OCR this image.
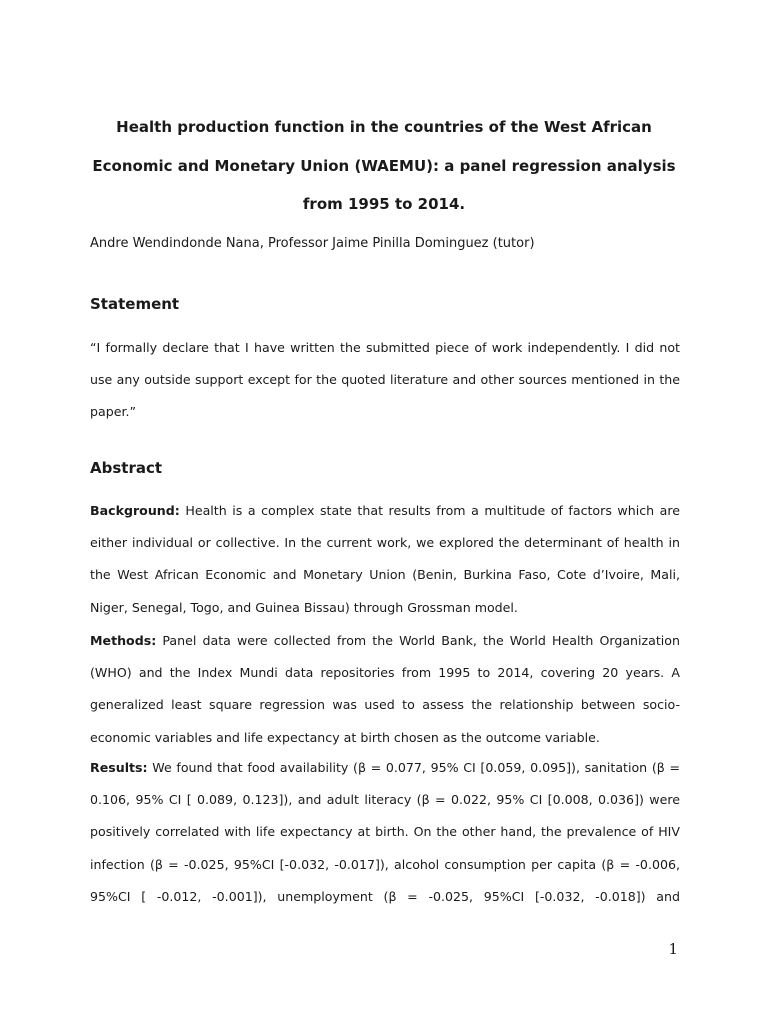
Health production function in the countries of the West African
Economic and Monetary Union (WAEMU): a panel regression analysis
from 1995 to 2014.
Andre Wendindonde Nana, Professor Jaime Pinilla Dominguez (tutor)
Statement
“I formally declare that I have written the submitted piece of work independently. I did not
use any outside support except for the quoted literature and other sources mentioned in the
paper.”
Abstract
Background: Health is a complex state that results from a multitude of factors which are
either individual or collective. In the current work, we explored the determinant of health in
the West African Economic and Monetary Union (Benin, Burkina Faso, Cote d’Ivoire, Mali,
Niger, Senegal, Togo, and Guinea Bissau) through Grossman model.
Methods: Panel data were collected from the World Bank, the World Health Organization
(WHO) and the Index Mundi data repositories from 1995 to 2014, covering 20 years. A
generalized least square regression was used to assess the relationship between socio-
economic variables and life expectancy at birth chosen as the outcome variable.
Results: We found that food availability (β = 0.077, 95% CI [0.059, 0.095]), sanitation (β =
0.106, 95% CI [ 0.089, 0.123]), and adult literacy (β = 0.022, 95% CI [0.008, 0.036]) were
positively correlated with life expectancy at birth. On the other hand, the prevalence of HIV
infection (β = -0.025, 95%CI [-0.032, -0.017]), alcohol consumption per capita (β = -0.006,
95%CI [ -0.012, -0.001]), unemployment (β = -0.025, 95%CI [-0.032, -0.018]) and
1
